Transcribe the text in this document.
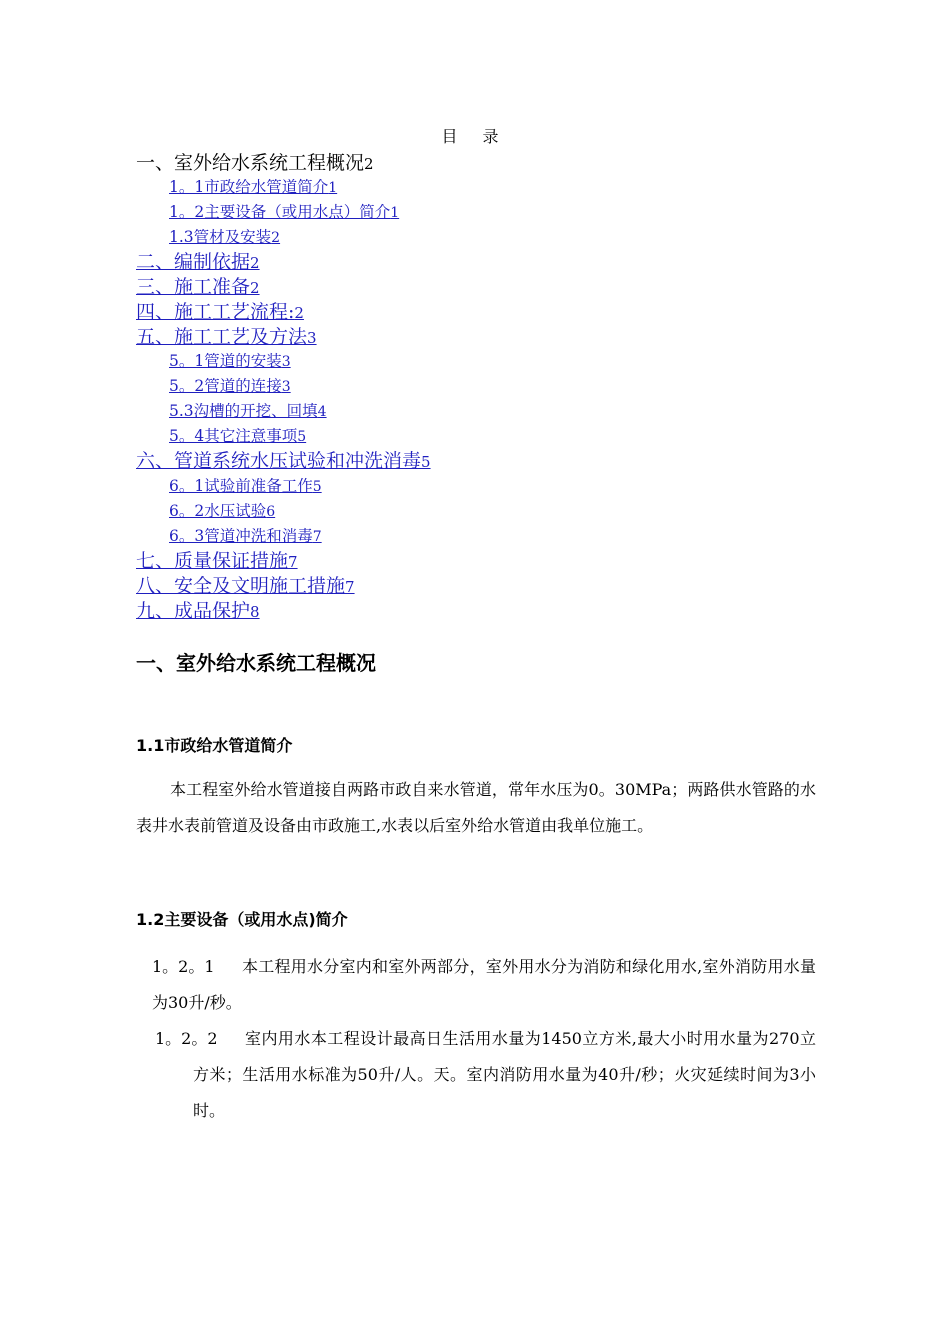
目 录
一、室外给水系统工程概况2
1。1市政给水管道简介1
1。2主要设备（或用水点）简介1
1.3管材及安装2
二、编制依据2
三、施工准备2
四、施工工艺流程:2
五、施工工艺及方法3
5。1管道的安装3
5。2管道的连接3
5.3沟槽的开挖、回填4
5。4其它注意事项5
六、管道系统水压试验和冲洗消毒5
6。1试验前准备工作5
6。2水压试验6
6。3管道冲洗和消毒7
七、质量保证措施7
八、安全及文明施工措施7
九、成品保护8
一、室外给水系统工程概况
1.1市政给水管道简介
本工程室外给水管道接自两路市政自来水管道，常年水压为0。30MPa；两路供水管路的水表井水表前管道及设备由市政施工,水表以后室外给水管道由我单位施工。
1.2主要设备（或用水点)简介
1。2。1	本工程用水分室内和室外两部分，室外用水分为消防和绿化用水,室外消防用水量为30升/秒。
1。2。2	室内用水本工程设计最高日生活用水量为1450立方米,最大小时用水量为270立方米；生活用水标准为50升/人。天。室内消防用水量为40升/秒；火灾延续时间为3小时。
